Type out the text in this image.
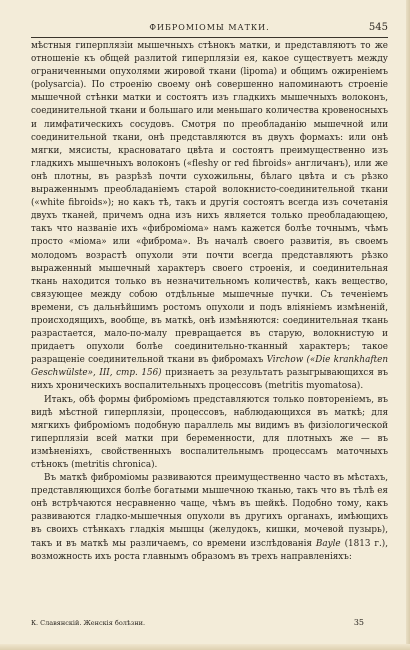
ФИБРОМІОМЫ МАТКИ.	545

мѣстныя гиперплязіи мышечныхъ стѣнокъ матки, и представляютъ то же отношеніе къ общей разлитой гиперплязіи ея, какое существуетъ между ограниченными опухолями жировой ткани (lipoma) и общимъ ожиреніемъ (polysarcia). По строенію своему онѣ совершенно напоминаютъ строеніе мышечной стѣнки матки и состоятъ изъ гладкихъ мышечныхъ волоконъ, соединительной ткани и большаго или меньшаго количества кровеносныхъ и лимфатическихъ сосудовъ. Смотря по преобладанію мышечной или соединительной ткани, онѣ представляются въ двухъ формахъ: или онѣ мягки, мясисты, красноватаго цвѣта и состоятъ преимущественно изъ гладкихъ мышечныхъ волоконъ («fleshy or red fibroids» англичанъ), или же онѣ плотны, въ разрѣзѣ почти сухожильны, бѣлаго цвѣта и съ рѣзко выраженнымъ преобладаніемъ старой волокнисто-соединительной ткани («white fibroids»); но какъ тѣ, такъ и другія состоятъ всегда изъ сочетанія двухъ тканей, причемъ одна изъ нихъ является только преобладающею, такъ что названіе ихъ «фибромiома» намъ кажется болѣе точнымъ, чѣмъ просто «міома» или «фиброма». Въ началѣ своего развитія, въ своемъ молодомъ возрастѣ опухоли эти почти всегда представляютъ рѣзко выраженный мышечный характеръ своего строенія, и соединительная ткань находится только въ незначительномъ количествѣ, какъ вещество, связующее между собою отдѣльные мышечные пучки. Съ теченіемъ времени, съ дальнѣйшимъ ростомъ опухоли и подъ вліяніемъ измѣненій, происходящихъ, вообще, въ маткѣ, онѣ измѣняются: соединительная ткань разрастается, мало-по-малу превращается въ старую, волокнистую и придаетъ опухоли болѣе соединительно-тканный характеръ; такое разращеніе соединительной ткани въ фибромахъ Virchow («Die krankhaften Geschwülste», III, стр. 156) признаетъ за результатъ разыгрывающихся въ нихъ хроническихъ воспалительныхъ процессовъ (metritis myomatosa).

Итакъ, обѣ формы фибромiомъ представляются только повтореніемъ, въ видѣ мѣстной гиперплязіи, процессовъ, наблюдающихся въ маткѣ; для мягкихъ фибромiомъ подобную параллель мы видимъ въ физіологической гиперплязіи всей матки при беременности, для плотныхъ же — въ измѣненіяхъ, свойственныхъ воспалительнымъ процессамъ маточныхъ стѣнокъ (metritis chronica).

Въ маткѣ фибромiомы развиваются преимущественно часто въ мѣстахъ, представляющихся болѣе богатыми мышечною тканью, такъ что въ тѣлѣ ея онѣ встрѣчаются несравненно чаще, чѣмъ въ шейкѣ. Подобно тому, какъ развиваются гладко-мышечныя опухоли въ другихъ органахъ, имѣющихъ въ своихъ стѣнкахъ гладкія мышцы (желудокъ, кишки, мочевой пузырь), такъ и въ маткѣ мы различаемъ, со времени изслѣдованія Bayle (1813 г.), возможность ихъ роста главнымъ образомъ въ трехъ направленіяхъ:

К. Славянскій. Женскія болѣзни.	35
